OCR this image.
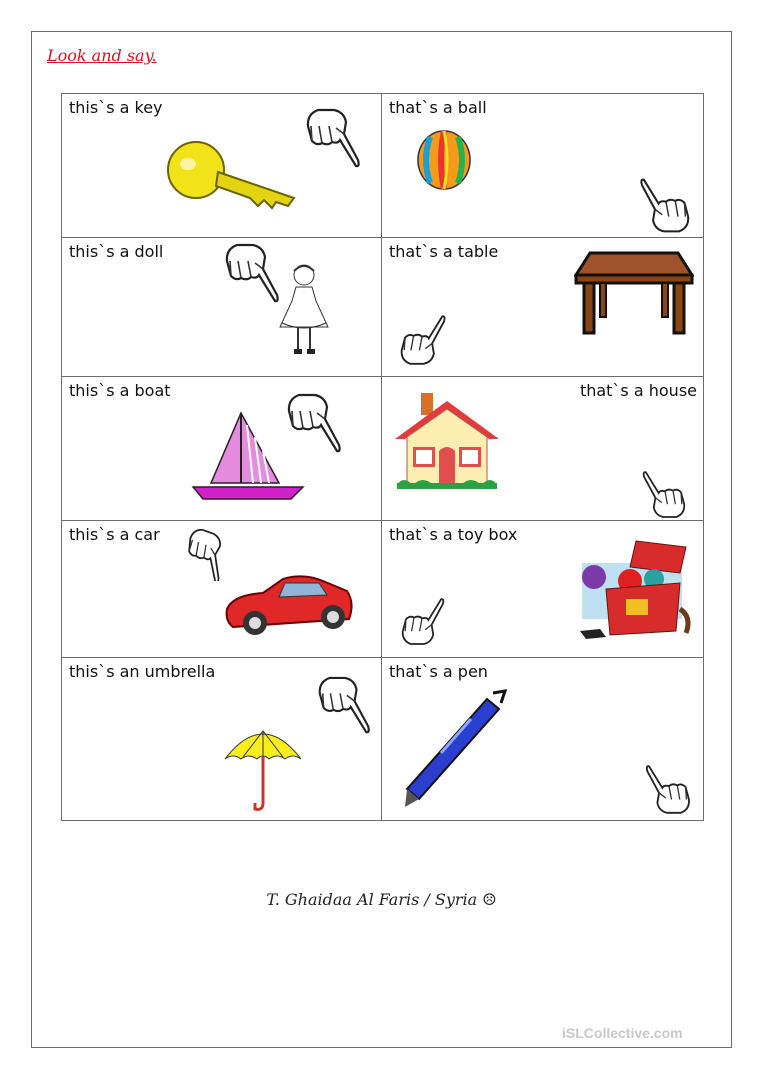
Look and say.
this`s a key	that`s a ball
this`s a doll	that`s a table
this`s a boat	that`s a house
this`s a car	that`s a toy box
this`s an umbrella	that`s a pen
T. Ghaidaa Al Faris / Syria ☹
iSLCollective.com
